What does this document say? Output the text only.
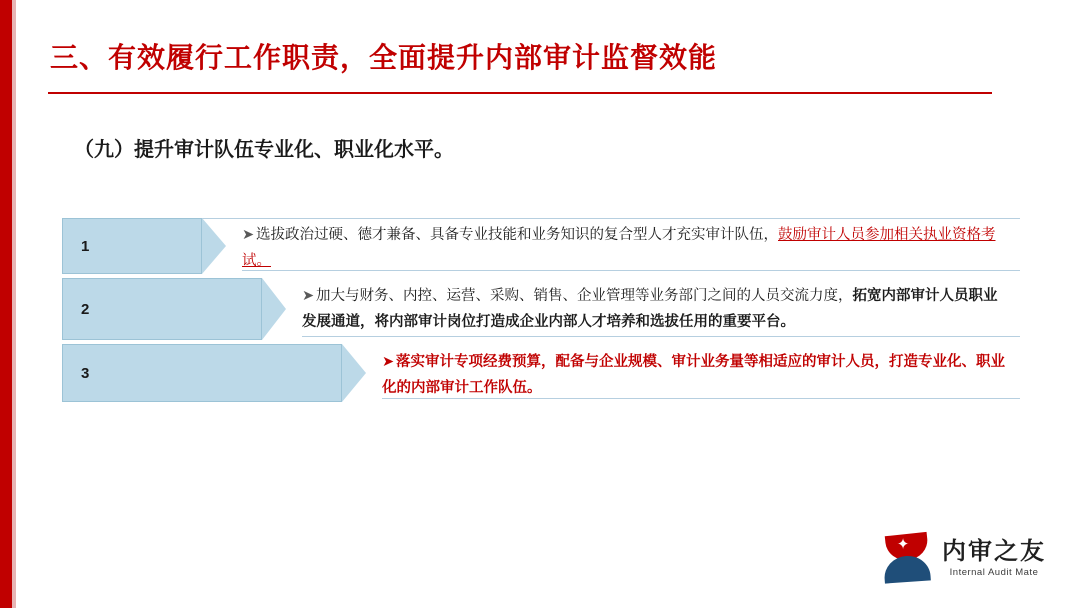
三、有效履行工作职责，全面提升内部审计监督效能
（九）提升审计队伍专业化、职业化水平。
1
➤ 选拔政治过硬、德才兼备、具备专业技能和业务知识的复合型人才充实审计队伍，鼓励审计人员参加相关执业资格考试。
2
➤ 加大与财务、内控、运营、采购、销售、企业管理等业务部门之间的人员交流力度，拓宽内部审计人员职业发展通道，将内部审计岗位打造成企业内部人才培养和选拔任用的重要平台。
3
➤ 落实审计专项经费预算，配备与企业规模、审计业务量等相适应的审计人员，打造专业化、职业化的内部审计工作队伍。
✦ 内审之友
Internal Audit Mate
